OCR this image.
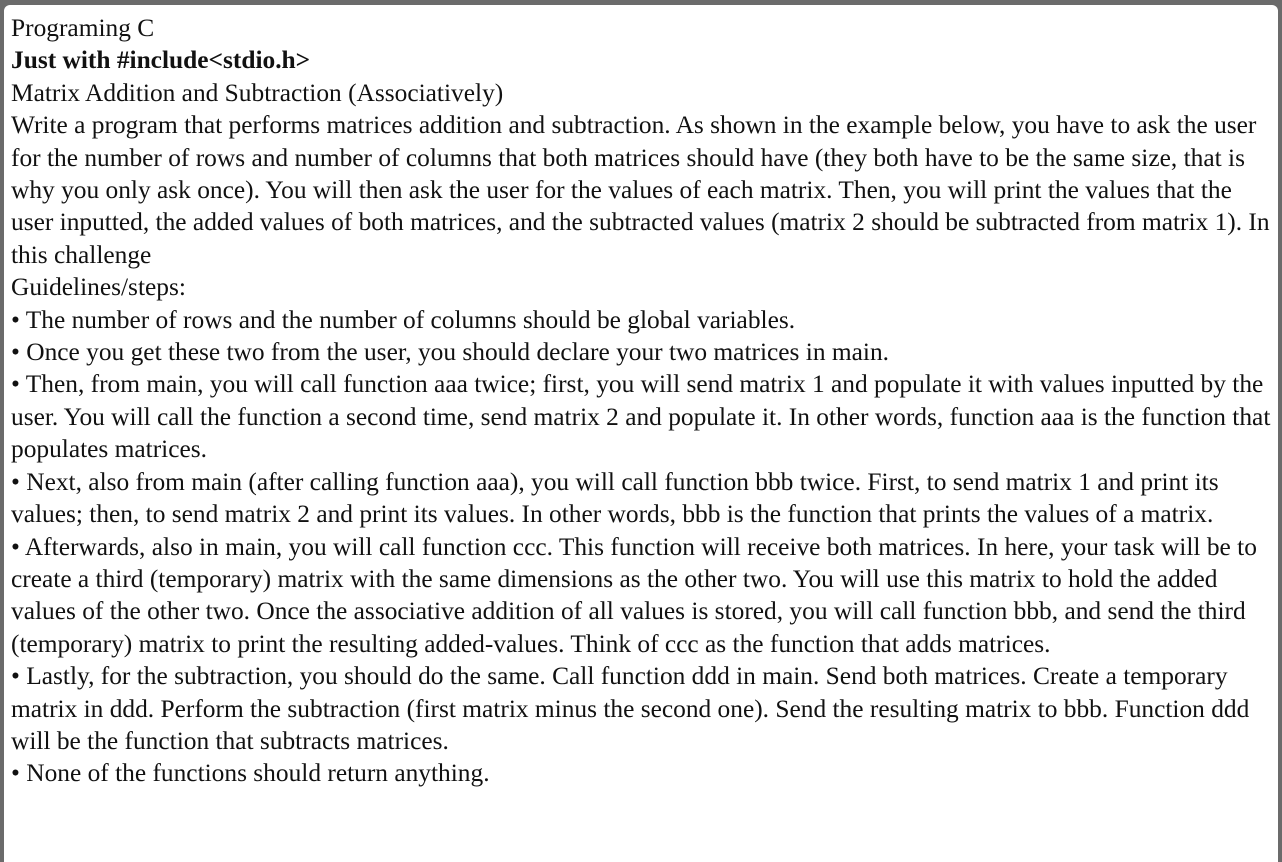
Programing C
Just with #include<stdio.h>
Matrix Addition and Subtraction (Associatively)
Write a program that performs matrices addition and subtraction. As shown in the example below, you have to ask the user for the number of rows and number of columns that both matrices should have (they both have to be the same size, that is why you only ask once). You will then ask the user for the values of each matrix. Then, you will print the values that the user inputted, the added values of both matrices, and the subtracted values (matrix 2 should be subtracted from matrix 1). In this challenge
Guidelines/steps:
• The number of rows and the number of columns should be global variables.
• Once you get these two from the user, you should declare your two matrices in main.
• Then, from main, you will call function aaa twice; first, you will send matrix 1 and populate it with values inputted by the user. You will call the function a second time, send matrix 2 and populate it. In other words, function aaa is the function that populates matrices.
• Next, also from main (after calling function aaa), you will call function bbb twice. First, to send matrix 1 and print its values; then, to send matrix 2 and print its values. In other words, bbb is the function that prints the values of a matrix.
• Afterwards, also in main, you will call function ccc. This function will receive both matrices. In here, your task will be to create a third (temporary) matrix with the same dimensions as the other two. You will use this matrix to hold the added values of the other two. Once the associative addition of all values is stored, you will call function bbb, and send the third (temporary) matrix to print the resulting added-values. Think of ccc as the function that adds matrices.
• Lastly, for the subtraction, you should do the same. Call function ddd in main. Send both matrices. Create a temporary matrix in ddd. Perform the subtraction (first matrix minus the second one). Send the resulting matrix to bbb. Function ddd will be the function that subtracts matrices.
• None of the functions should return anything.
